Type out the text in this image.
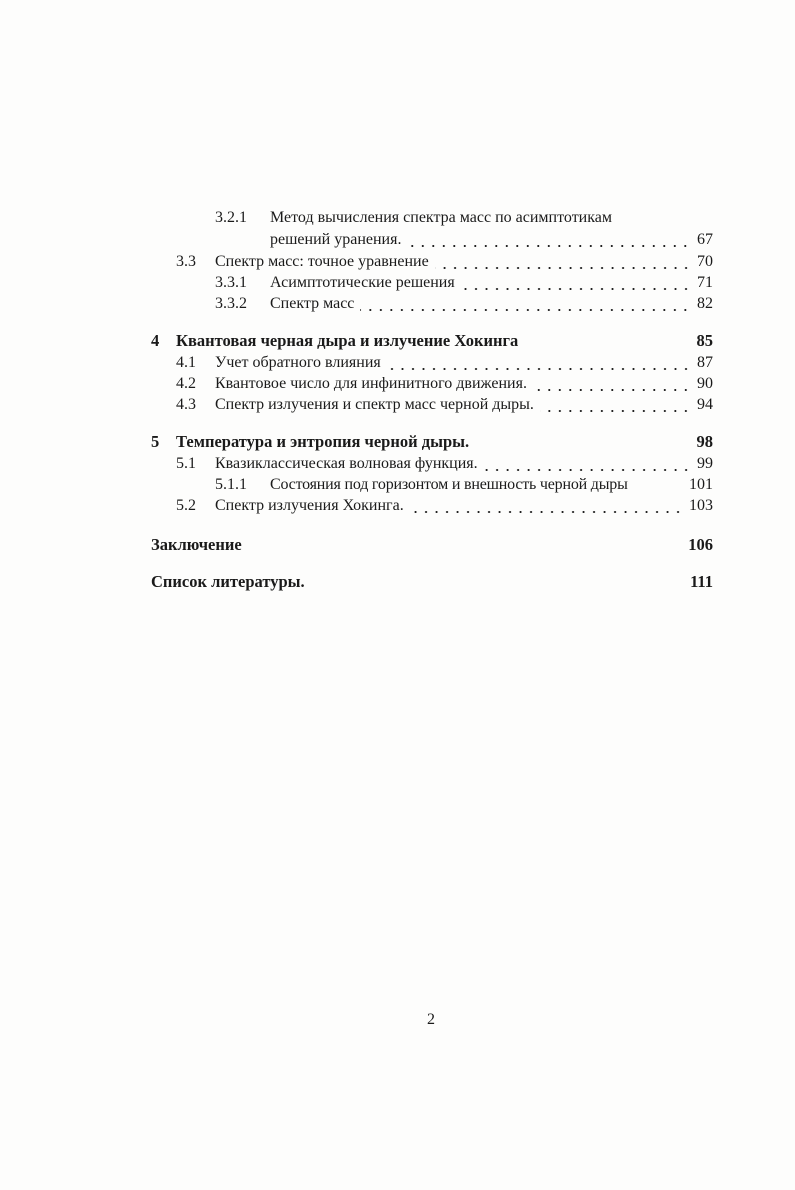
3.2.1	Метод вычисления спектра масс по асимптотикам
решений уранения.	67
3.3	Спектр масс: точное уравнение	70
3.3.1	Асимптотические решения	71
3.3.2	Спектр масс	82
4	Квантовая черная дыра и излучение Хокинга	85
4.1	Учет обратного влияния	87
4.2	Квантовое число для инфинитного движения.	90
4.3	Спектр излучения и спектр масс черной дыры.	94
5	Температура и энтропия черной дыры.	98
5.1	Квазиклассическая волновая функция.	99
5.1.1	Состояния под горизонтом и внешность черной дыры	101
5.2	Спектр излучения Хокинга.	103
Заключение	106
Список литературы.	111
2
